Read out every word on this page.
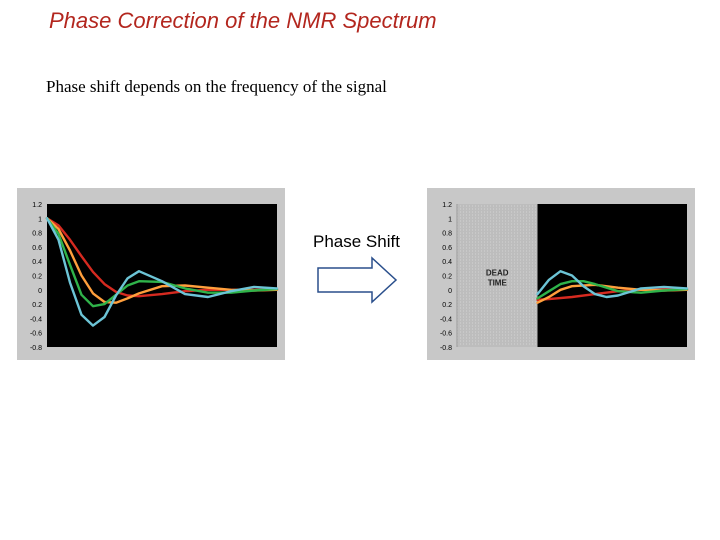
Phase Correction of the NMR Spectrum
Phase shift depends on the frequency of the signal
1.2
1
0.8
0.6
0.4
0.2
0
0.2
-0.4
-0.6
-0.8
Phase Shift
1.2
1
0.8
0.6
0.4
0.2
0
0.2
-0.4
-0.6
-0.8
DEAD
TIME
